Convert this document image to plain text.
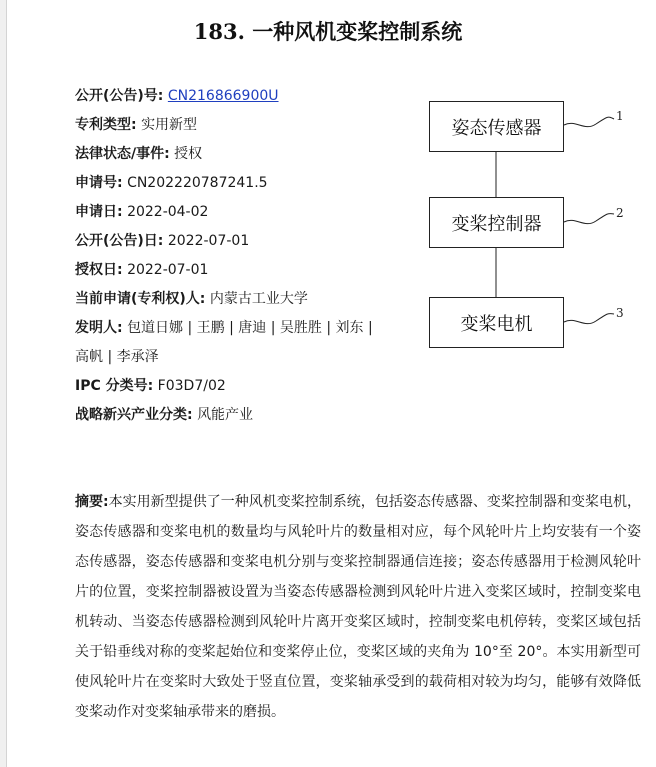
183. 一种风机变桨控制系统
公开(公告)号: CN216866900U
专利类型: 实用新型
法律状态/事件: 授权
申请号: CN202220787241.5
申请日: 2022-04-02
公开(公告)日: 2022-07-01
授权日: 2022-07-01
当前申请(专利权)人: 内蒙古工业大学
发明人: 包道日娜 | 王鹏 | 唐迪 | 吴胜胜 | 刘东 |高帆 | 李承泽
IPC 分类号: F03D7/02
战略新兴产业分类: 风能产业
姿态传感器
变桨控制器
变桨电机
1
2
3
摘要:本实用新型提供了一种风机变桨控制系统，包括姿态传感器、变桨控制器和变桨电机，姿态传感器和变桨电机的数量均与风轮叶片的数量相对应，每个风轮叶片上均安装有一个姿态传感器，姿态传感器和变桨电机分别与变桨控制器通信连接；姿态传感器用于检测风轮叶片的位置，变桨控制器被设置为当姿态传感器检测到风轮叶片进入变桨区域时，控制变桨电机转动、当姿态传感器检测到风轮叶片离开变桨区域时，控制变桨电机停转，变桨区域包括关于铅垂线对称的变桨起始位和变桨停止位，变桨区域的夹角为 10°至 20°。本实用新型可使风轮叶片在变桨时大致处于竖直位置，变桨轴承受到的载荷相对较为均匀，能够有效降低变桨动作对变桨轴承带来的磨损。
